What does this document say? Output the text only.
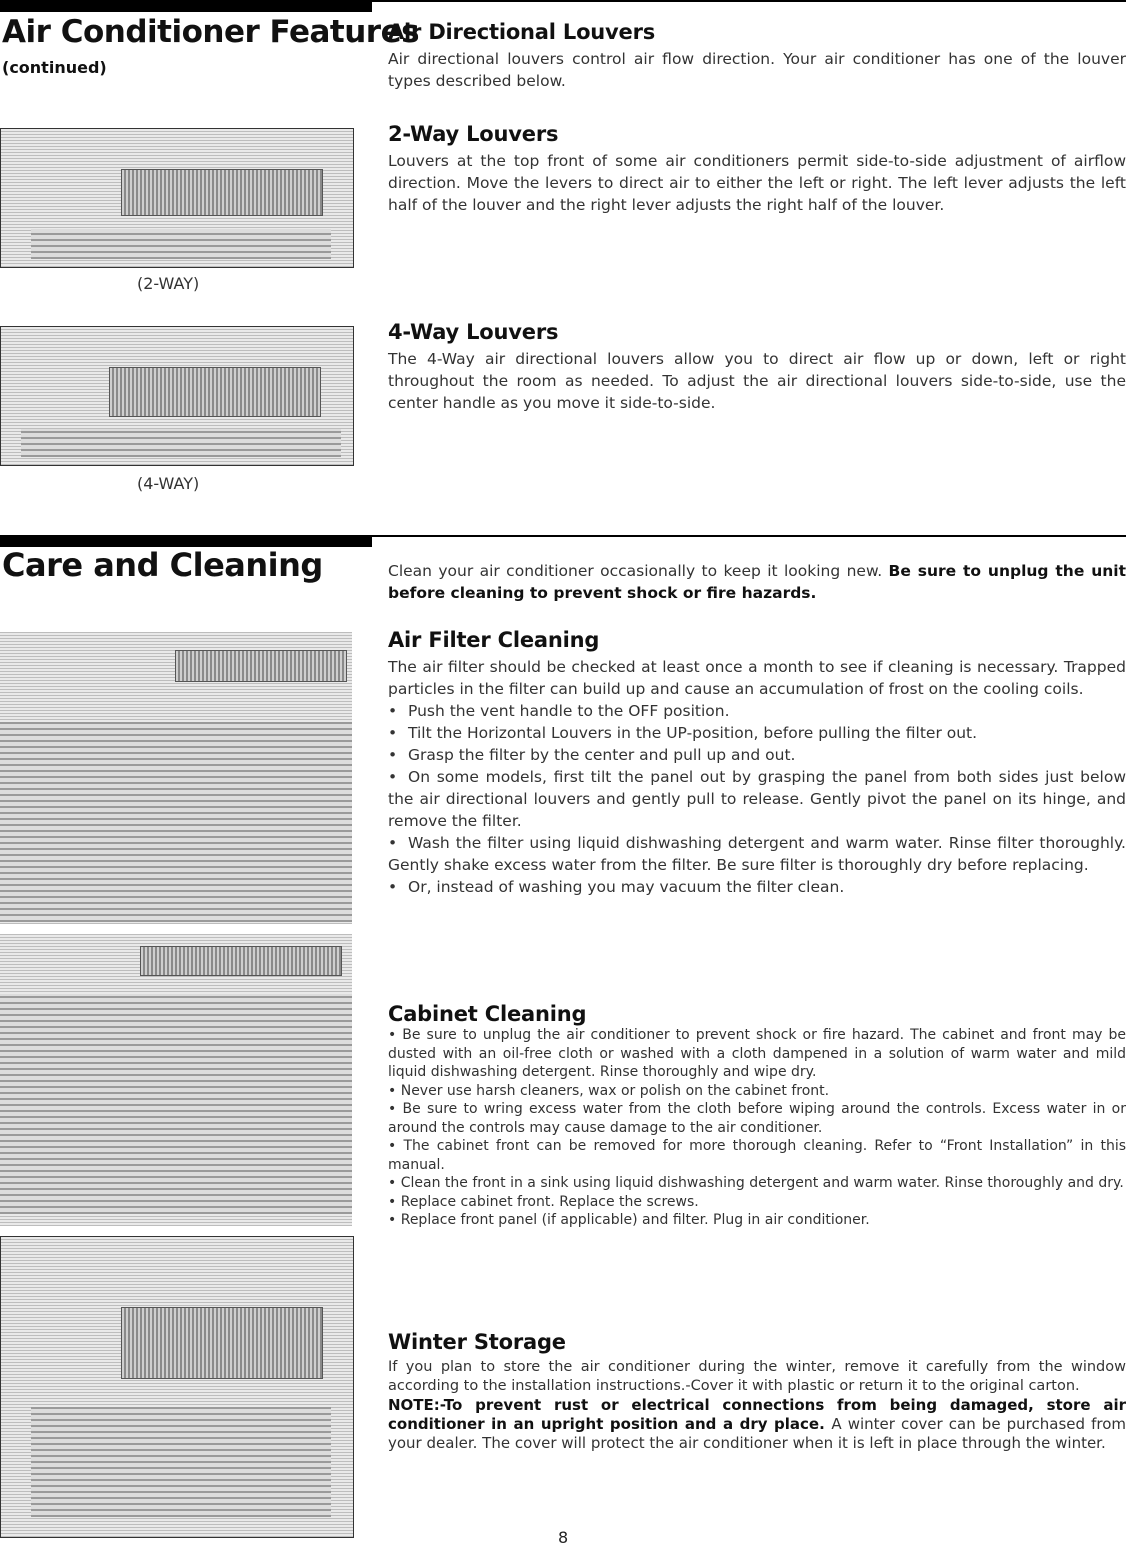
Air Conditioner Features
(continued)
Air Directional Louvers

Air directional louvers control air flow direction. Your air conditioner has one of the louver types described below.

(2-WAY)
2-Way Louvers

Louvers at the top front of some air conditioners permit side-to-side adjustment of airflow direction. Move the levers to direct air to either the left or right. The left lever adjusts the left half of the louver and the right lever adjusts the right half of the louver.

(4-WAY)
4-Way Louvers

The 4-Way air directional louvers allow you to direct air flow up or down, left or right throughout the room as needed. To adjust the air directional louvers side-to-side, use the center handle as you move it side-to-side.

Care and Cleaning	Clean your air conditioner occasionally to keep it looking new. Be sure to unplug the unit before cleaning to prevent shock or fire hazards.

Air Filter Cleaning

The air filter should be checked at least once a month to see if cleaning is necessary. Trapped particles in the filter can build up and cause an accumulation of frost on the cooling coils.

• Push the vent handle to the OFF position.
• Tilt the Horizontal Louvers in the UP-position, before pulling the filter out.
• Grasp the filter by the center and pull up and out.
• On some models, first tilt the panel out by grasping the panel from both sides just below the air directional louvers and gently pull to release. Gently pivot the panel on its hinge, and remove the filter.
• Wash the filter using liquid dishwashing detergent and warm water. Rinse filter thoroughly. Gently shake excess water from the filter. Be sure filter is thoroughly dry before replacing.
• Or, instead of washing you may vacuum the filter clean.

Cabinet Cleaning

• Be sure to unplug the air conditioner to prevent shock or fire hazard. The cabinet and front may be dusted with an oil-free cloth or washed with a cloth dampened in a solution of warm water and mild liquid dishwashing detergent. Rinse thoroughly and wipe dry.
• Never use harsh cleaners, wax or polish on the cabinet front.
• Be sure to wring excess water from the cloth before wiping around the controls. Excess water in or around the controls may cause damage to the air conditioner.
• The cabinet front can be removed for more thorough cleaning. Refer to “Front Installation” in this manual.
• Clean the front in a sink using liquid dishwashing detergent and warm water. Rinse thoroughly and dry.
• Replace cabinet front. Replace the screws.
• Replace front panel (if applicable) and filter. Plug in air conditioner.

Winter Storage

If you plan to store the air conditioner during the winter, remove it carefully from the window according to the installation instructions.-Cover it with plastic or return it to the original carton.
NOTE:-To prevent rust or electrical connections from being damaged, store air conditioner in an upright position and a dry place. A winter cover can be purchased from your dealer. The cover will protect the air conditioner when it is left in place through the winter.

8
